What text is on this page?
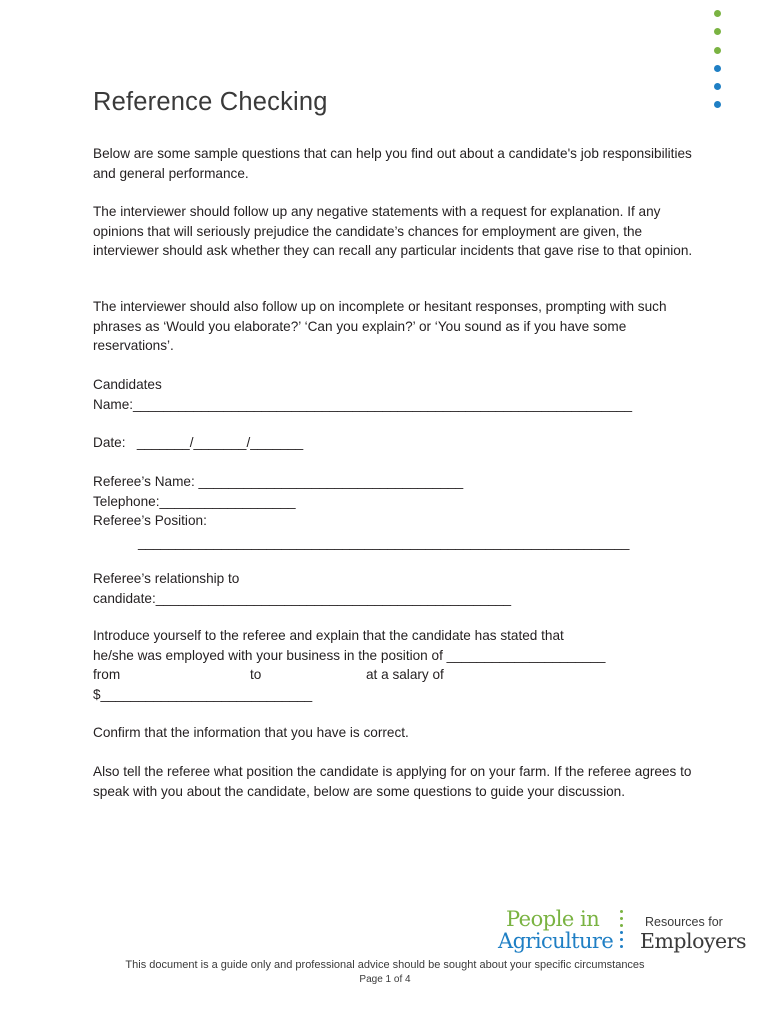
Reference Checking

Below are some sample questions that can help you find out about a candidate's job responsibilities and general performance.

The interviewer should follow up any negative statements with a request for explanation. If any opinions that will seriously prejudice the candidate’s chances for employment are given, the interviewer should ask whether they can recall any particular incidents that gave rise to that opinion.

The interviewer should also follow up on incomplete or hesitant responses, prompting with such phrases as ‘Would you elaborate?’ ‘Can you explain?’ or ‘You sound as if you have some reservations’.

Candidates
Name:__________________________________________________________________
Date:   _______/_______/_______
Referee’s Name: ___________________________________
Telephone:__________________
Referee’s Position:
_________________________________________________________________
Referee’s relationship to
candidate:_______________________________________________
Introduce yourself to the referee and explain that the candidate has stated that
he/she was employed with your business in the position of _____________________
from	to	at a salary of
$____________________________

Confirm that the information that you have is correct.

Also tell the referee what position the candidate is applying for on your farm. If the referee agrees to speak with you about the candidate, below are some questions to guide your discussion.

People in
Agriculture
Resources for
Employers
This document is a guide only and professional advice should be sought about your specific circumstances
Page 1 of 4
